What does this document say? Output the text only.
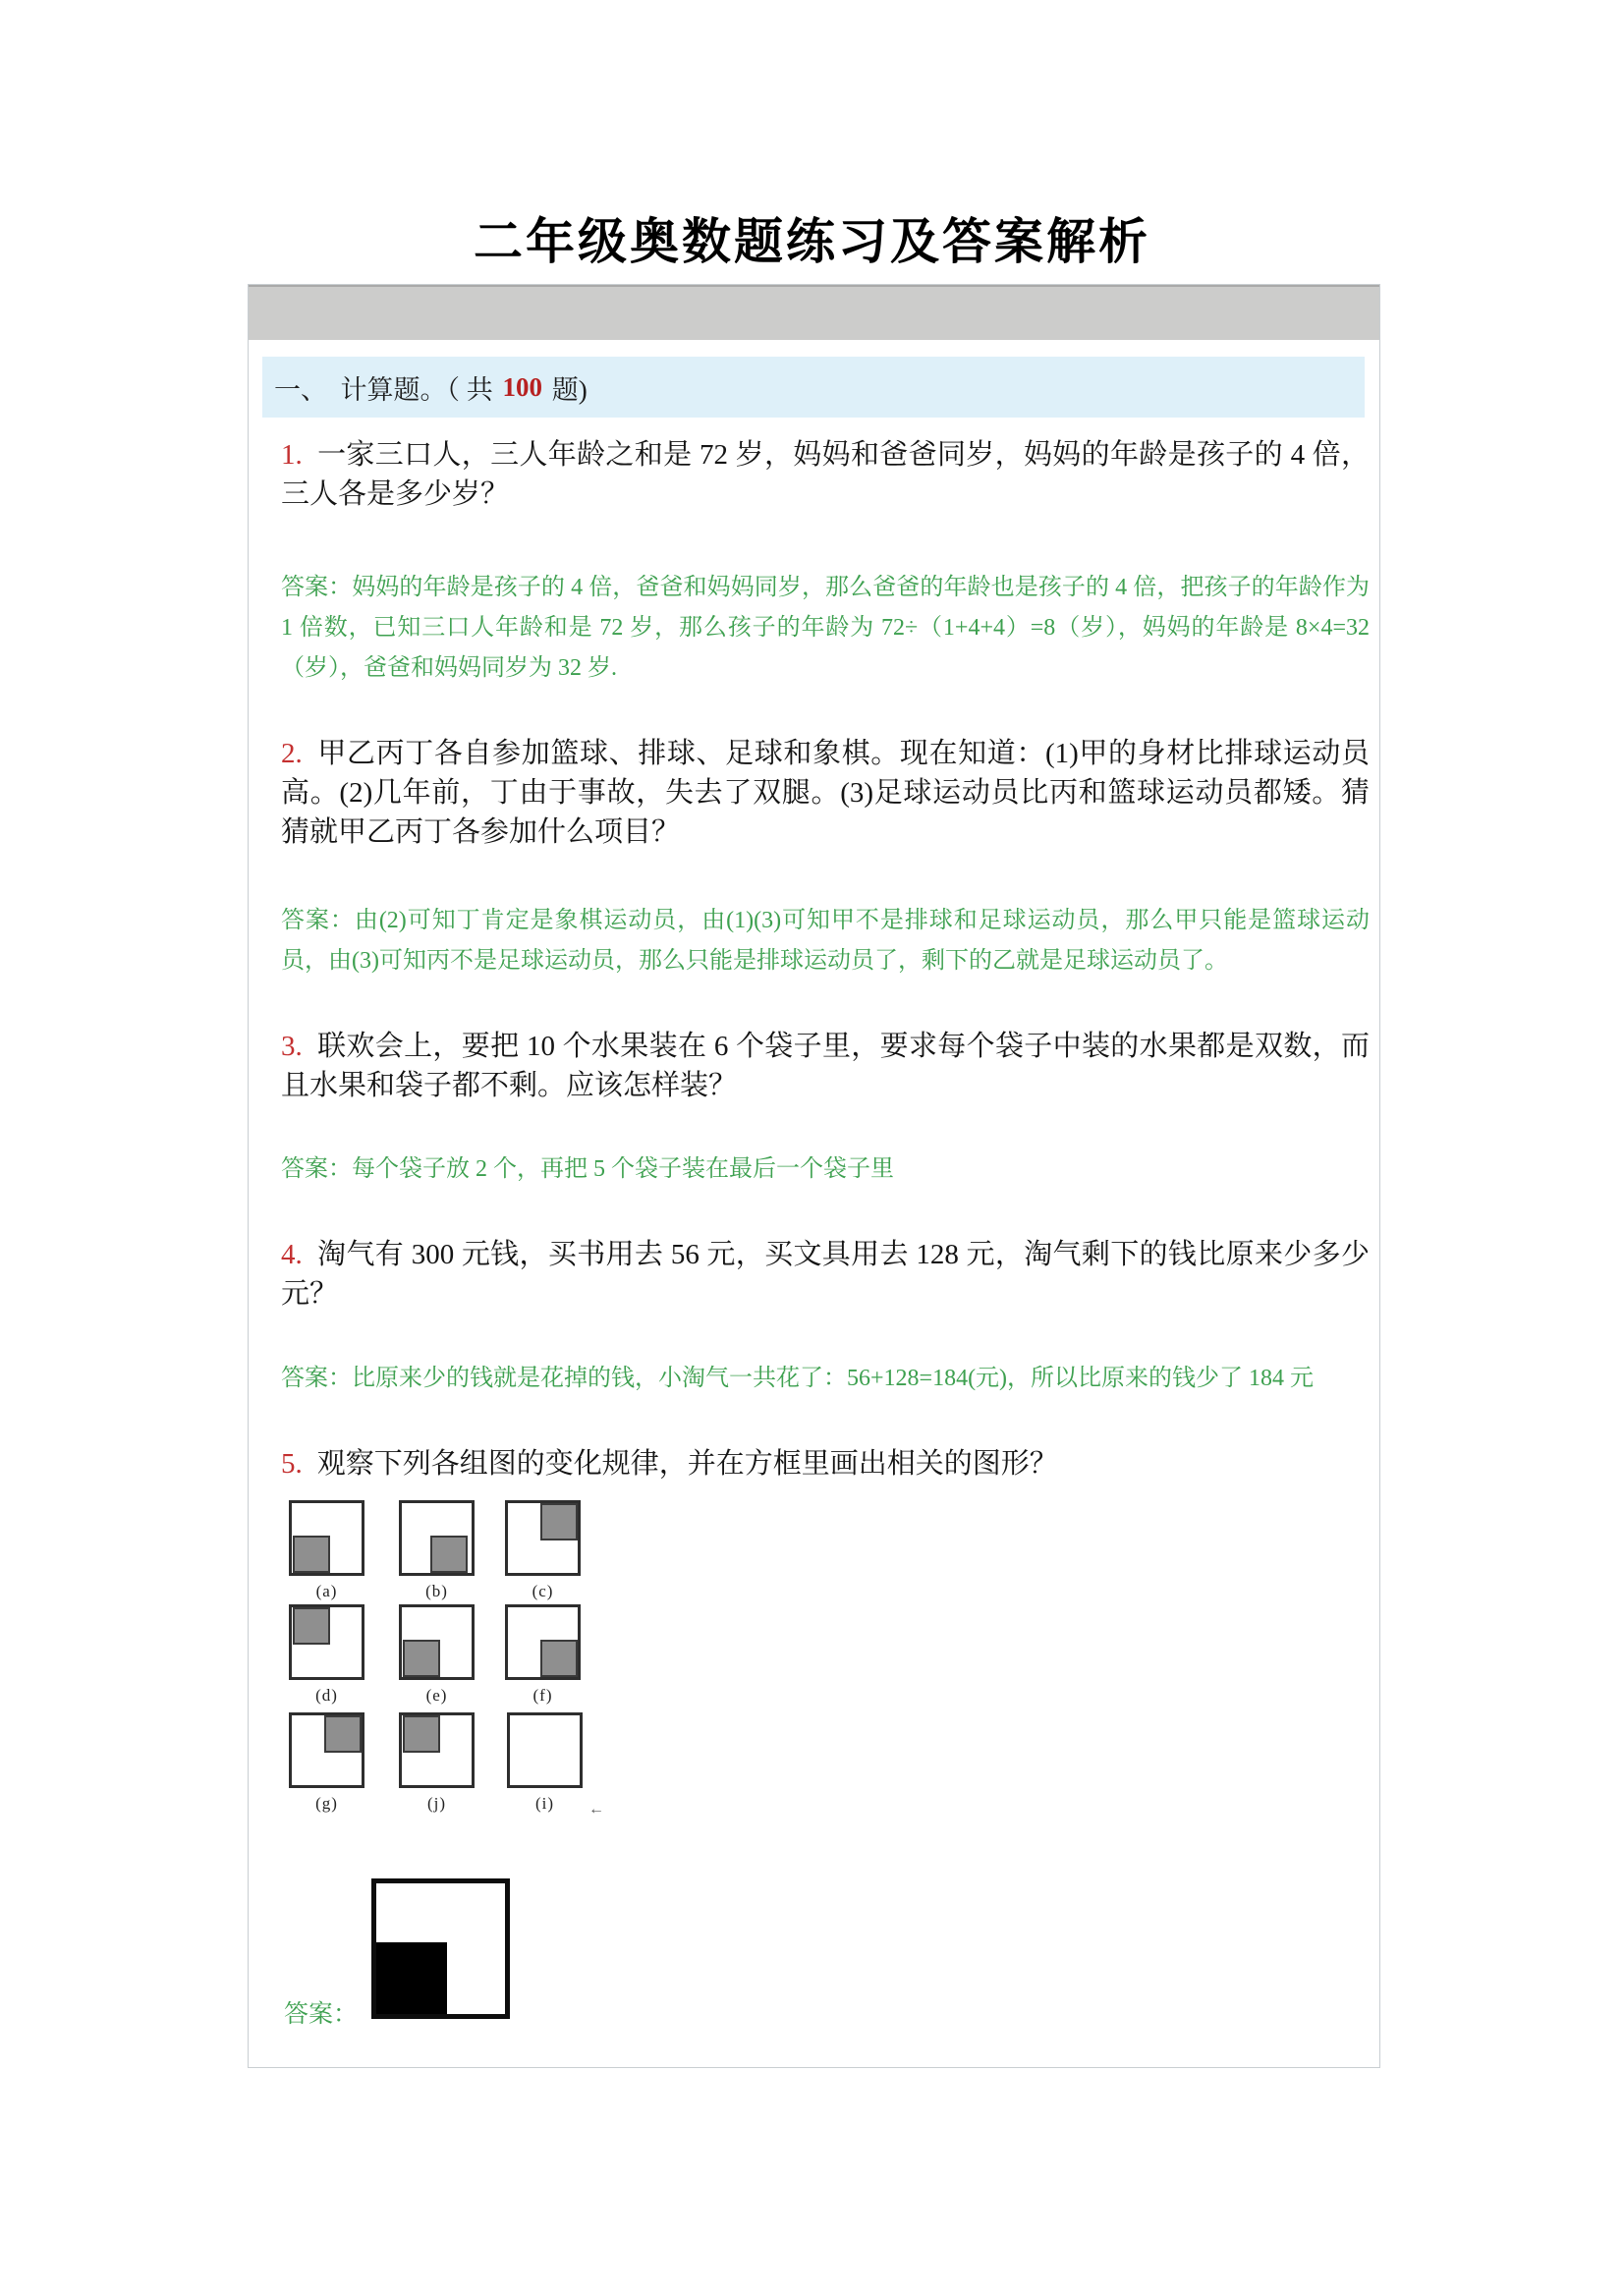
二年级奥数题练习及答案解析
一、　计算题。（ 共 100 题)
1. 一家三口人，三人年龄之和是 72 岁，妈妈和爸爸同岁，妈妈的年龄是孩子的 4 倍，三人各是多少岁？
答案：妈妈的年龄是孩子的 4 倍，爸爸和妈妈同岁，那么爸爸的年龄也是孩子的 4 倍，把孩子的年龄作为 1 倍数，已知三口人年龄和是 72 岁，那么孩子的年龄为 72÷（1+4+4）=8（岁），妈妈的年龄是 8×4=32（岁），爸爸和妈妈同岁为 32 岁.
2. 甲乙丙丁各自参加篮球、排球、足球和象棋。现在知道：(1)甲的身材比排球运动员高。(2)几年前，丁由于事故，失去了双腿。(3)足球运动员比丙和篮球运动员都矮。猜猜就甲乙丙丁各参加什么项目？
答案：由(2)可知丁肯定是象棋运动员，由(1)(3)可知甲不是排球和足球运动员，那么甲只能是篮球运动员，由(3)可知丙不是足球运动员，那么只能是排球运动员了，剩下的乙就是足球运动员了。
3. 联欢会上，要把 10 个水果装在 6 个袋子里，要求每个袋子中装的水果都是双数，而且水果和袋子都不剩。应该怎样装？
答案：每个袋子放 2 个，再把 5 个袋子装在最后一个袋子里
4. 淘气有 300 元钱，买书用去 56 元，买文具用去 128 元，淘气剩下的钱比原来少多少元？
答案：比原来少的钱就是花掉的钱，小淘气一共花了：56+128=184(元)，所以比原来的钱少了 184 元
5. 观察下列各组图的变化规律，并在方框里画出相关的图形？
(a)	(b)	(c)
(d)	(e)	(f)
(g)	(j)	(i)	←
答案：
